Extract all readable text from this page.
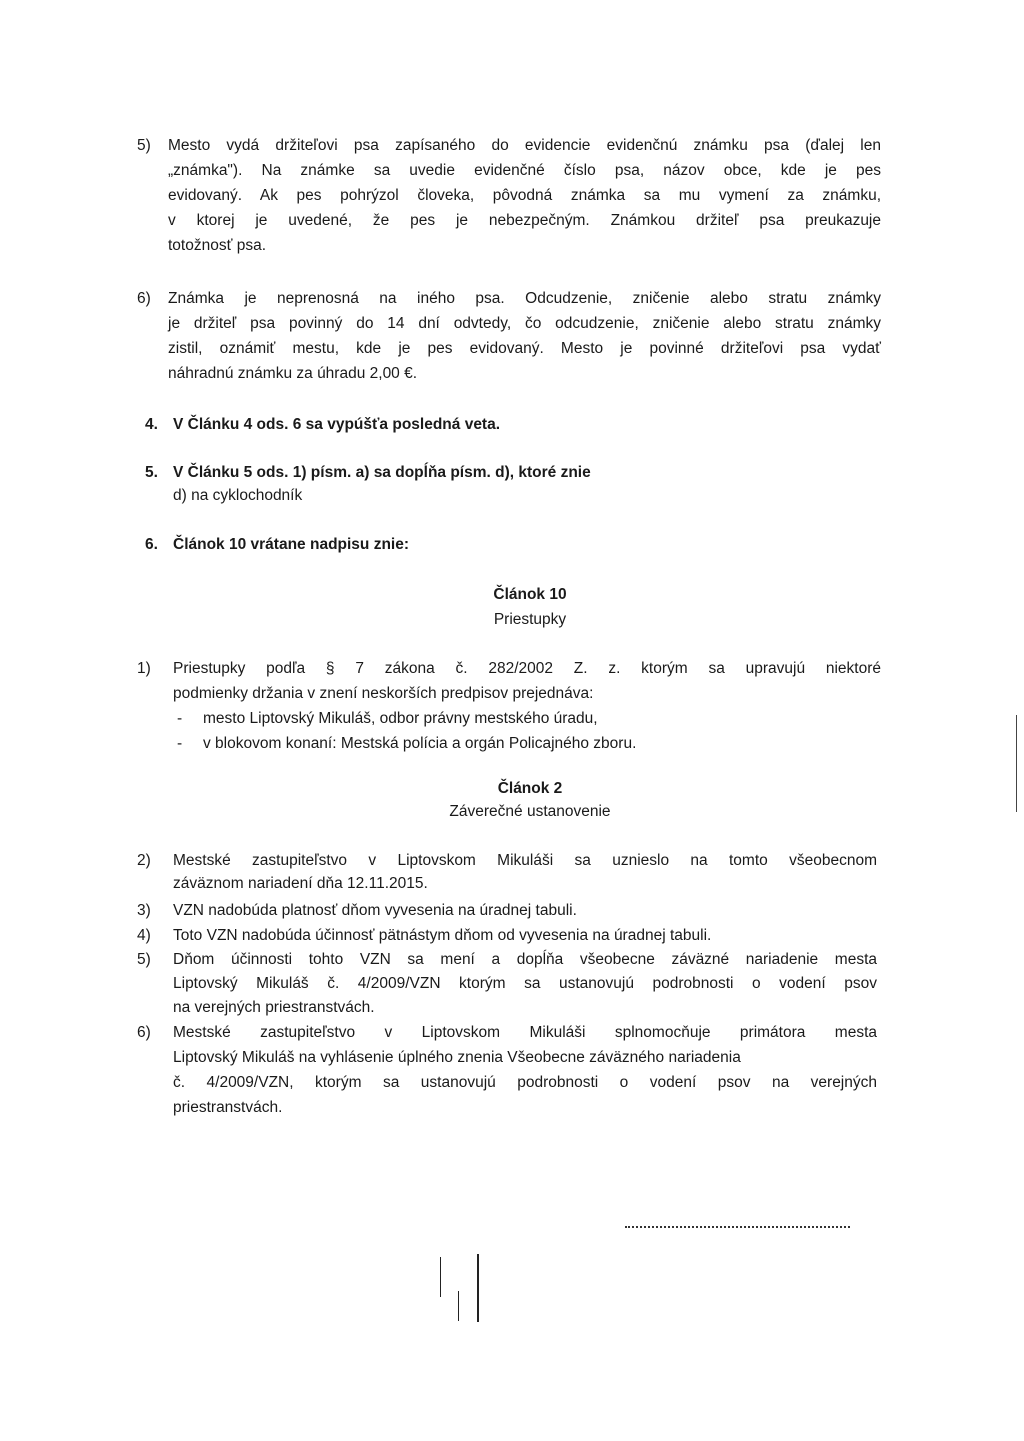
5) Mesto vydá držiteľovi psa zapísaného do evidencie evidenčnú známku psa (ďalej len
„známka"). Na známke sa uvedie evidenčné číslo psa, názov obce, kde je pes
evidovaný. Ak pes pohrýzol človeka, pôvodná známka sa mu vymení za známku,
v ktorej je uvedené, že pes je nebezpečným. Známkou držiteľ psa preukazuje
totožnosť psa.
6) Známka je neprenosná na iného psa. Odcudzenie, zničenie alebo stratu známky
je držiteľ psa povinný do 14 dní odvtedy, čo odcudzenie, zničenie alebo stratu známky
zistil, oznámiť mestu, kde je pes evidovaný. Mesto je povinné držiteľovi psa vydať
náhradnú známku za úhradu 2,00 €.
4. V Článku 4 ods. 6 sa vypúšťa posledná veta.
5. V Článku 5 ods. 1) písm. a) sa dopĺňa písm. d), ktoré znie
d) na cyklochodník
6. Článok 10 vrátane nadpisu znie:
Článok 10
Priestupky
1) Priestupky podľa § 7 zákona č. 282/2002 Z. z. ktorým sa upravujú niektoré
podmienky držania v znení neskorších predpisov prejednáva:
- mesto Liptovský Mikuláš, odbor právny mestského úradu,
- v blokovom konaní: Mestská polícia a orgán Policajného zboru.
Článok 2
Záverečné ustanovenie
2) Mestské zastupiteľstvo v Liptovskom Mikuláši sa uznieslo na tomto všeobecnom
záväznom nariadení dňa 12.11.2015.
3) VZN nadobúda platnosť dňom vyvesenia na úradnej tabuli.
4) Toto VZN nadobúda účinnosť pätnástym dňom od vyvesenia na úradnej tabuli.
5) Dňom účinnosti tohto VZN sa mení a dopĺňa všeobecne záväzné nariadenie mesta
Liptovský Mikuláš č. 4/2009/VZN ktorým sa ustanovujú podrobnosti o vodení psov
na verejných priestranstvách.
6) Mestské zastupiteľstvo v Liptovskom Mikuláši splnomocňuje primátora mesta
Liptovský Mikuláš na vyhlásenie úplného znenia Všeobecne záväzného nariadenia
č. 4/2009/VZN, ktorým sa ustanovujú podrobnosti o vodení psov na verejných
priestranstvách.
